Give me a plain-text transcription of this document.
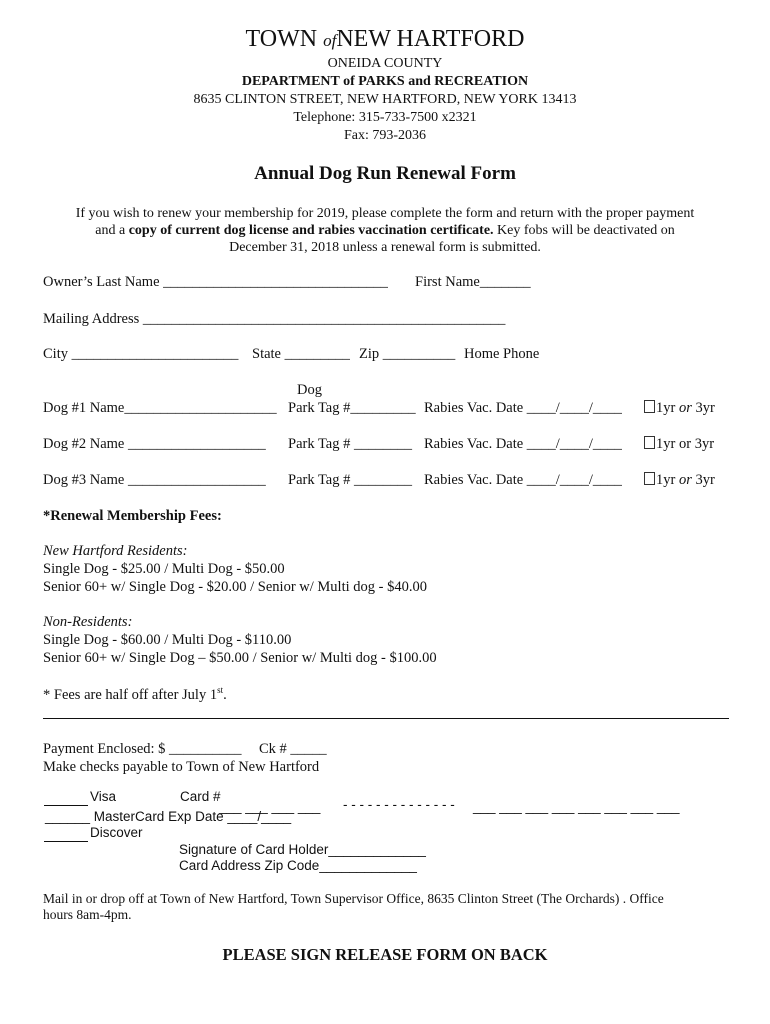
TOWN ofNEW HARTFORD
ONEIDA COUNTY
DEPARTMENT of PARKS and RECREATION
8635 CLINTON STREET, NEW HARTFORD, NEW YORK 13413
Telephone: 315-733-7500 x2321
Fax: 793-2036
Annual Dog Run Renewal Form
If you wish to renew your membership for 2019, please complete the form and return with the proper payment
and a copy of current dog license and rabies vaccination certificate. Key fobs will be deactivated on
December 31, 2018 unless a renewal form is submitted.
Owner’s Last Name _______________________________ First Name_______
Mailing Address __________________________________________________
City _______________________ State _________ Zip __________ Home Phone
Dog
Dog #1 Name_____________________ Park Tag #_________ Rabies Vac. Date ____/____/____	1yr or 3yr
Dog #2 Name ___________________ Park Tag # ________ Rabies Vac. Date ____/____/____	1yr or 3yr
Dog #3 Name ___________________ Park Tag # ________ Rabies Vac. Date ____/____/____	1yr or 3yr
*Renewal Membership Fees:
New Hartford Residents:
Single Dog - $25.00 / Multi Dog - $50.00
Senior 60+ w/ Single Dog - $20.00 / Senior w/ Multi dog - $40.00
Non-Residents:
Single Dog - $60.00 / Multi Dog - $110.00
Senior 60+ w/ Single Dog – $50.00 / Senior w/ Multi dog - $100.00
* Fees are half off after July 1st.
Payment Enclosed: $ __________ Ck # _____
Make checks payable to Town of New Hartford
Visa	Card #
___ ___ ___ ___ - - - - - - - - - - - - - - ___ ___ ___ ___ ___ ___ ___ ___
______ MasterCard Exp Date ____/____
Discover
Signature of Card Holder_____________
Card Address Zip Code_____________
Mail in or drop off at Town of New Hartford, Town Supervisor Office, 8635 Clinton Street (The Orchards) . Office
hours 8am-4pm.
PLEASE SIGN RELEASE FORM ON BACK
